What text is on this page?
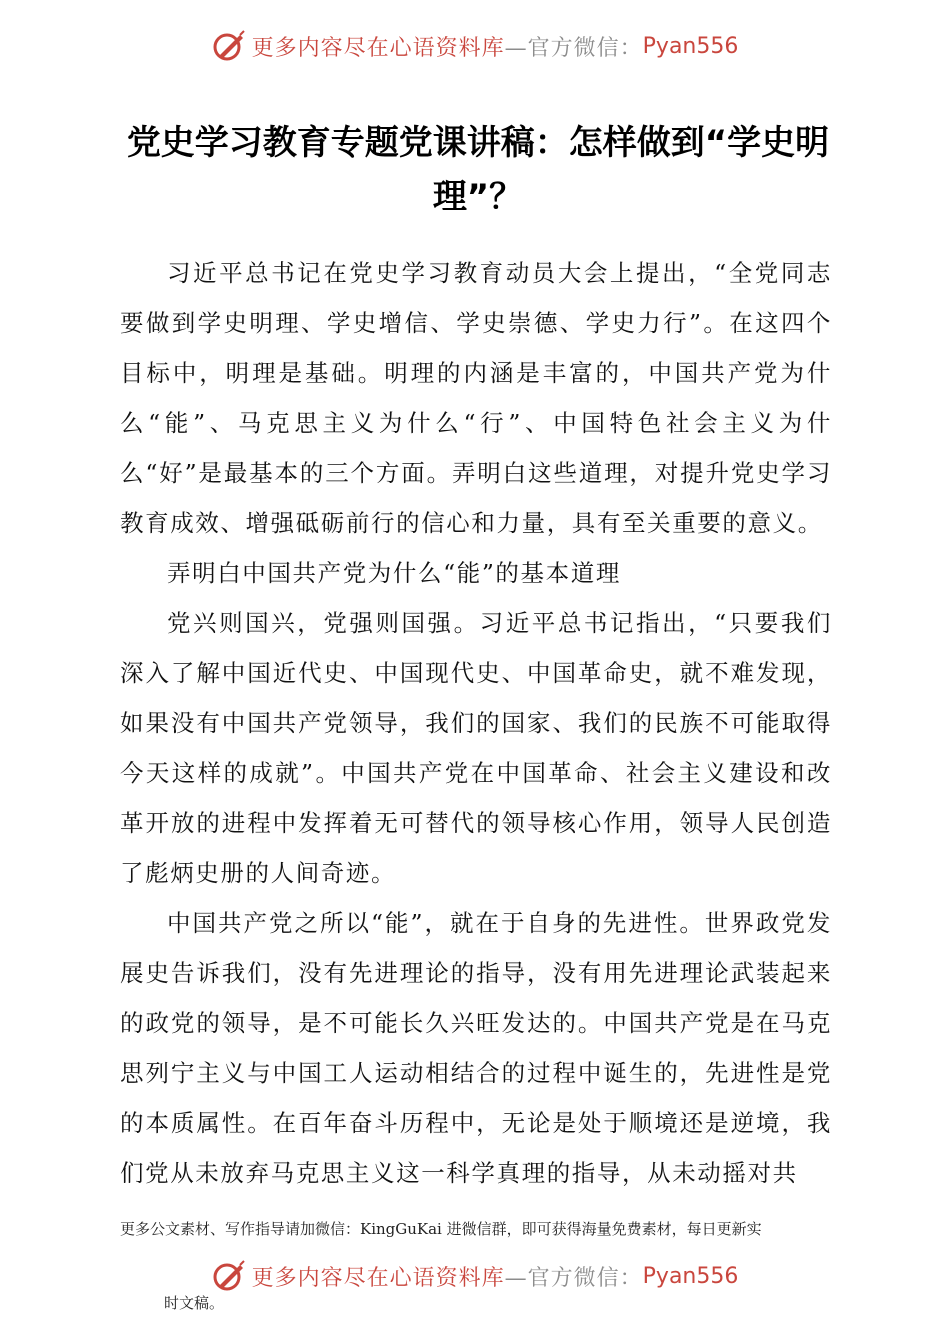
更多内容尽在心语资料库 —官方微信： Pyan556
党史学习教育专题党课讲稿：怎样做到“学史明理”？

习近平总书记在党史学习教育动员大会上提出，“全党同志要做到学史明理、学史增信、学史崇德、学史力行”。在这四个目标中，明理是基础。明理的内涵是丰富的，中国共产党为什么“能”、马克思主义为什么“行”、中国特色社会主义为什么“好”是最基本的三个方面。弄明白这些道理，对提升党史学习教育成效、增强砥砺前行的信心和力量，具有至关重要的意义。

弄明白中国共产党为什么“能”的基本道理

党兴则国兴，党强则国强。习近平总书记指出，“只要我们深入了解中国近代史、中国现代史、中国革命史，就不难发现，如果没有中国共产党领导，我们的国家、我们的民族不可能取得今天这样的成就”。中国共产党在中国革命、社会主义建设和改革开放的进程中发挥着无可替代的领导核心作用，领导人民创造了彪炳史册的人间奇迹。

中国共产党之所以“能”，就在于自身的先进性。世界政党发展史告诉我们，没有先进理论的指导，没有用先进理论武装起来的政党的领导，是不可能长久兴旺发达的。中国共产党是在马克思列宁主义与中国工人运动相结合的过程中诞生的，先进性是党的本质属性。在百年奋斗历程中，无论是处于顺境还是逆境，我们党从未放弃马克思主义这一科学真理的指导，从未动摇对共

更多公文素材、写作指导请加微信：KingGuKai 进微信群，即可获得海量免费素材，每日更新实
更多内容尽在心语资料库 —官方微信： Pyan556
时文稿。
